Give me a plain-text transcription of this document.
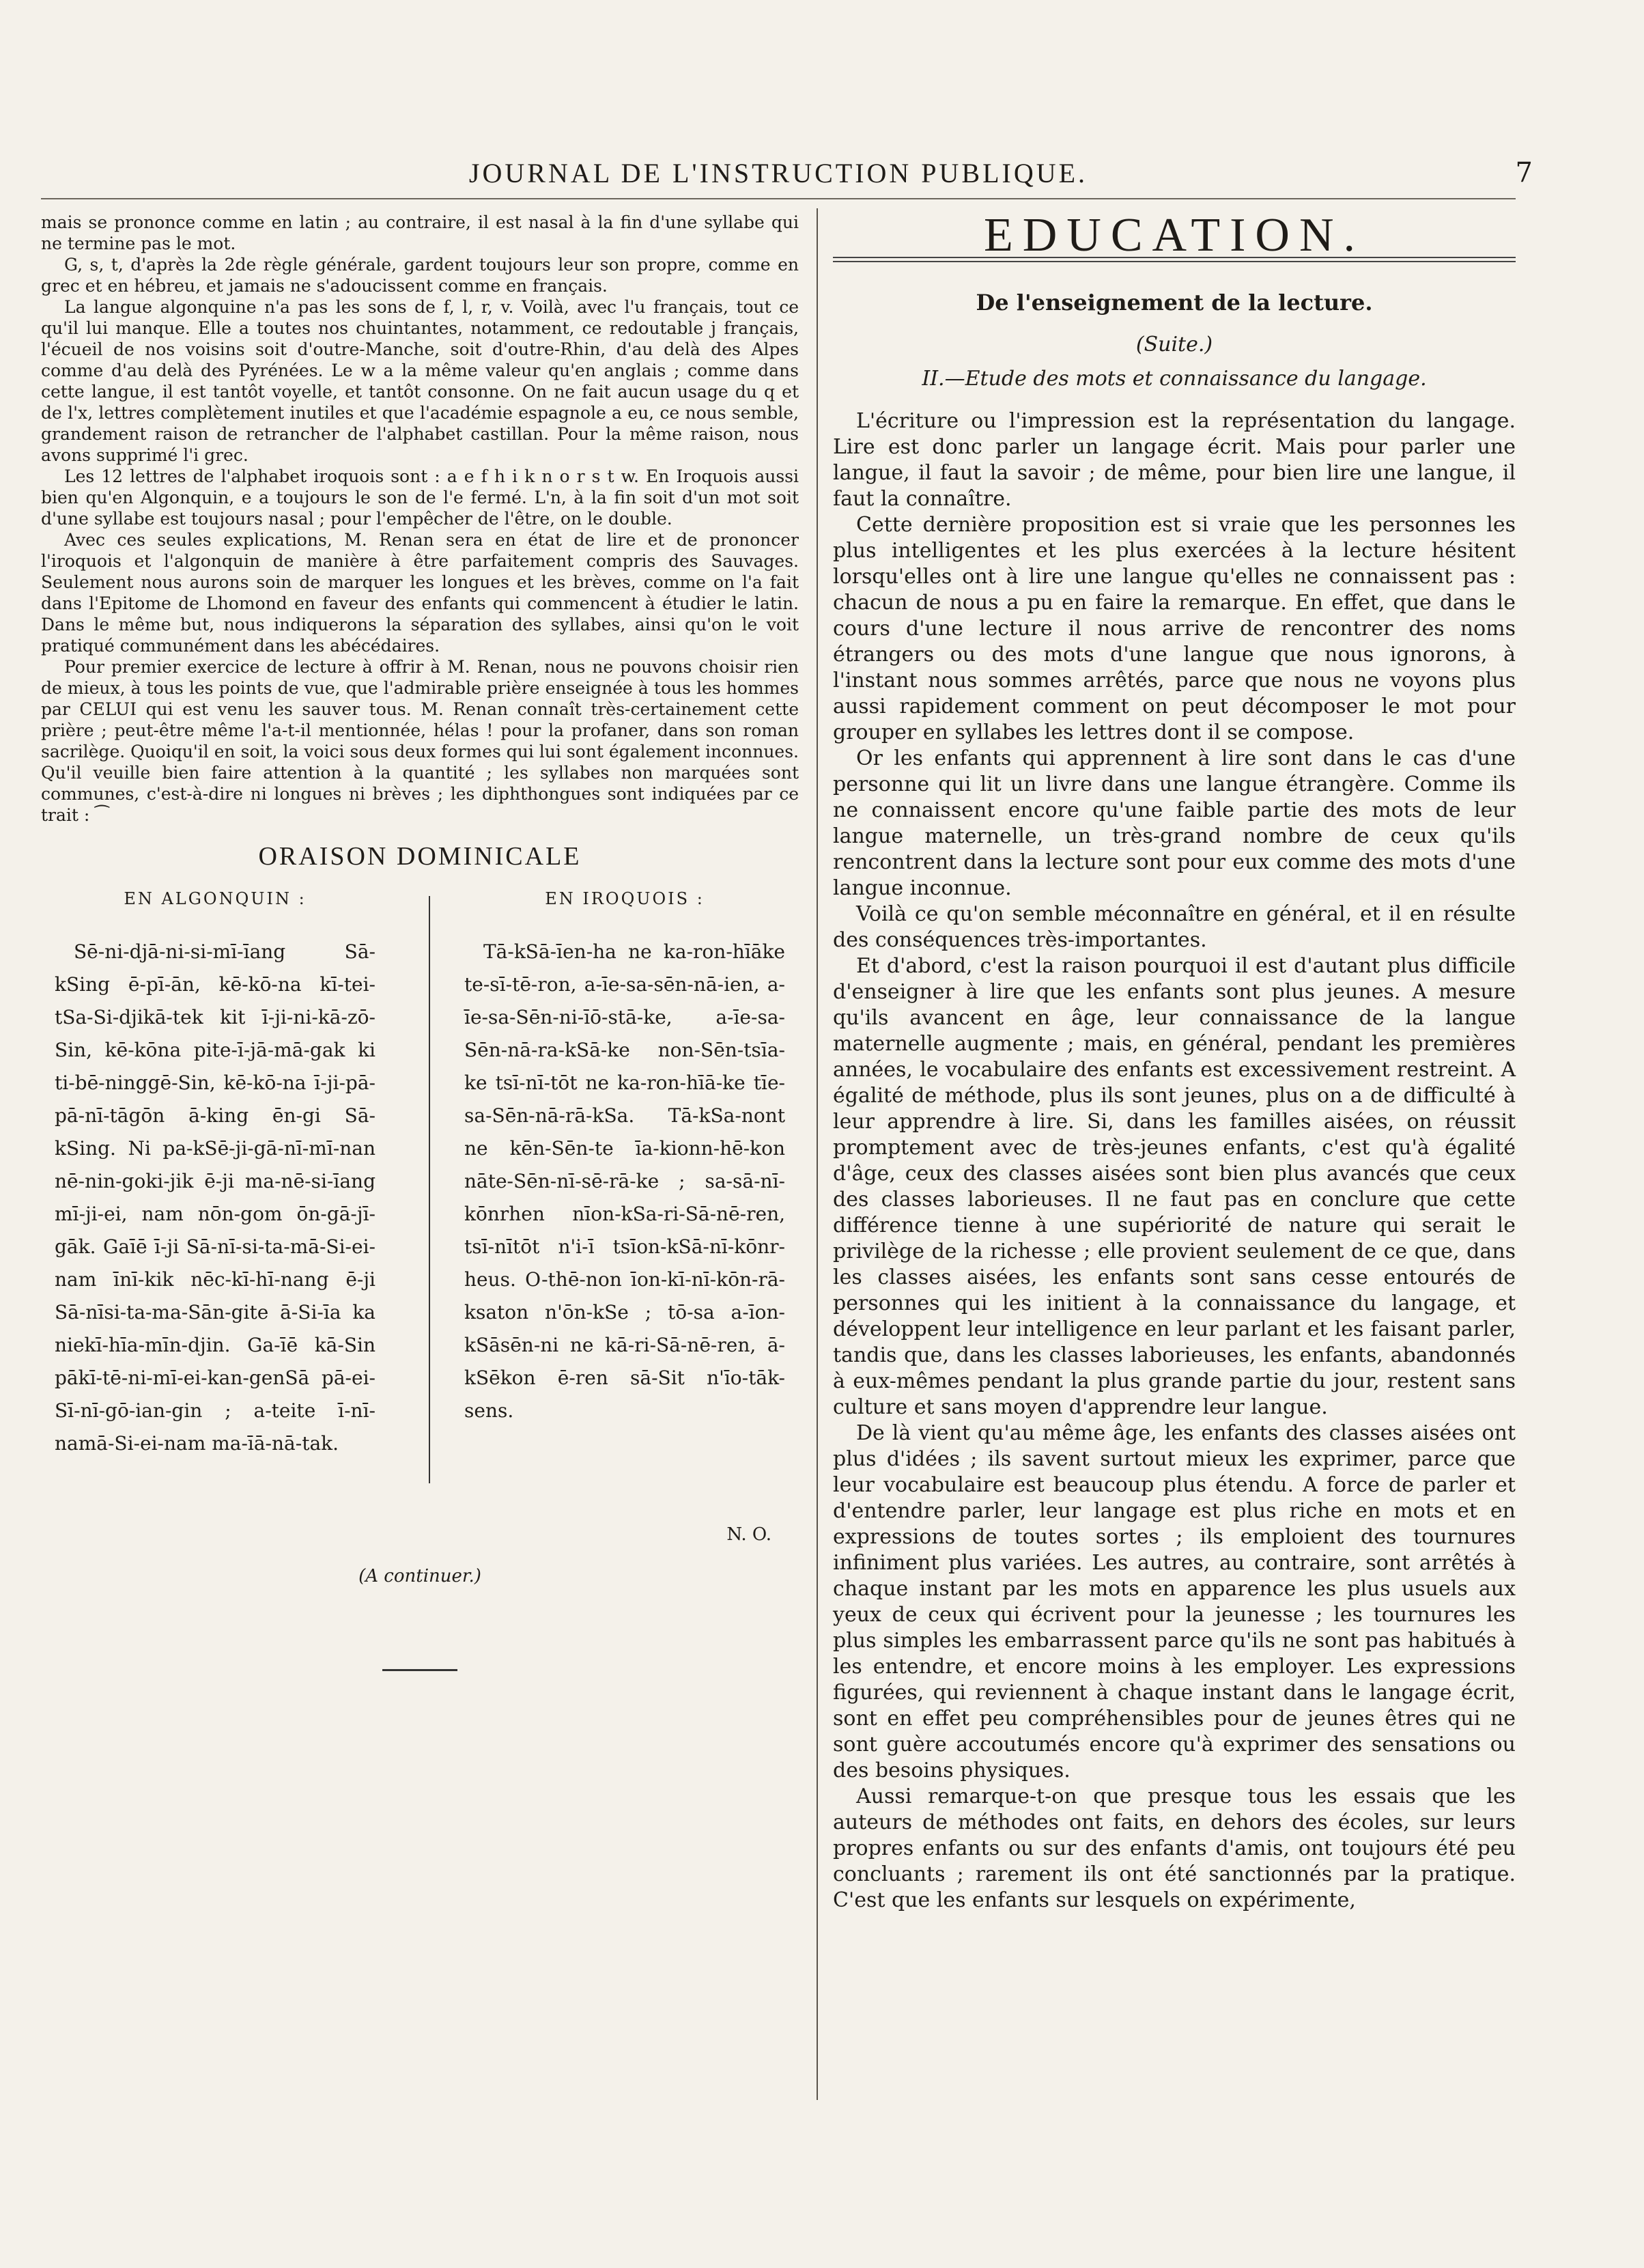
JOURNAL DE L'INSTRUCTION PUBLIQUE.	7

mais se prononce comme en latin ; au contraire, il est nasal à la fin d'une syllabe qui ne termine pas le mot.

G, s, t, d'après la 2de règle générale, gardent toujours leur son propre, comme en grec et en hébreu, et jamais ne s'adoucissent comme en français.

La langue algonquine n'a pas les sons de f, l, r, v. Voilà, avec l'u français, tout ce qu'il lui manque. Elle a toutes nos chuintantes, notamment, ce redoutable j français, l'écueil de nos voisins soit d'outre-Manche, soit d'outre-Rhin, d'au delà des Alpes comme d'au delà des Pyrénées. Le w a la même valeur qu'en anglais ; comme dans cette langue, il est tantôt voyelle, et tantôt consonne. On ne fait aucun usage du q et de l'x, lettres complètement inutiles et que l'académie espagnole a eu, ce nous semble, grandement raison de retrancher de l'alphabet castillan. Pour la même raison, nous avons supprimé l'i grec.

Les 12 lettres de l'alphabet iroquois sont : a e f h i k n o r s t w. En Iroquois aussi bien qu'en Algonquin, e a toujours le son de l'e fermé. L'n, à la fin soit d'un mot soit d'une syllabe est toujours nasal ; pour l'empêcher de l'être, on le double.

Avec ces seules explications, M. Renan sera en état de lire et de prononcer l'iroquois et l'algonquin de manière à être parfaitement compris des Sauvages. Seulement nous aurons soin de marquer les longues et les brèves, comme on l'a fait dans l'Epitome de Lhomond en faveur des enfants qui commencent à étudier le latin. Dans le même but, nous indiquerons la séparation des syllabes, ainsi qu'on le voit pratiqué communément dans les abécédaires.

Pour premier exercice de lecture à offrir à M. Renan, nous ne pouvons choisir rien de mieux, à tous les points de vue, que l'admirable prière enseignée à tous les hommes par CELUI qui est venu les sauver tous. M. Renan connaît très-certainement cette prière ; peut-être même l'a-t-il mentionnée, hélas ! pour la profaner, dans son roman sacrilège. Quoiqu'il en soit, la voici sous deux formes qui lui sont également inconnues. Qu'il veuille bien faire attention à la quantité ; les syllabes non marquées sont communes, c'est-à-dire ni longues ni brèves ; les diphthongues sont indiquées par ce trait : ⁀

ORAISON DOMINICALE
EN ALGONQUIN :
Sē-ni-djā-ni-si-mī-īang Sā-kSing ē-pī-ān, kē-kō-na kī-tei-tSa-Si-djikā-tek kit ī-ji-ni-kā-zō-Sin, kē-kōna pite-ī-jā-mā-gak ki ti-bē-ninggē-Sin, kē-kō-na ī-ji-pā-pā-nī-tāgōn ā-king ēn-gi Sā-kSing. Ni pa-kSē-ji-gā-nī-mī-nan nē-nin-goki-jik ē-ji ma-nē-si-īang mī-ji-ei, nam nōn-gom ōn-gā-jī-gāk. Gaīē ī-ji Sā-nī-si-ta-mā-Si-ei-nam īnī-kik nēc-kī-hī-nang ē-ji Sā-nīsi-ta-ma-Sān-gite ā-Si-īa ka niekī-hīa-mīn-djin. Ga-īē kā-Sin pākī-tē-ni-mī-ei-kan-genSā pā-ei-Sī-nī-gō-ian-gin ; a-teite ī-nī-namā-Si-ei-nam ma-īā-nā-tak.
EN IROQUOIS :
Tā-kSā-īen-ha ne ka-ron-hīāke te-sī-tē-ron, a-īe-sa-sēn-nā-ien, a-īe-sa-Sēn-ni-īō-stā-ke, a-īe-sa-Sēn-nā-ra-kSā-ke non-Sēn-tsīa-ke tsī-nī-tōt ne ka-ron-hīā-ke tīe-sa-Sēn-nā-rā-kSa. Tā-kSa-nont ne kēn-Sēn-te īa-kionn-hē-kon nāte-Sēn-nī-sē-rā-ke ; sa-sā-nī-kōnrhen nīon-kSa-ri-Sā-nē-ren, tsī-nītōt n'i-ī tsīon-kSā-nī-kōnr-heus. O-thē-non īon-kī-nī-kōn-rā-ksaton n'ōn-kSe ; tō-sa a-īon-kSāsēn-ni ne kā-ri-Sā-nē-ren, ā-kSēkon ē-ren sā-Sit n'īo-tāk-sens.
N. O.
(A continuer.)
EDUCATION.
De l'enseignement de la lecture.
(Suite.)
II.—Etude des mots et connaissance du langage.

L'écriture ou l'impression est la représentation du langage. Lire est donc parler un langage écrit. Mais pour parler une langue, il faut la savoir ; de même, pour bien lire une langue, il faut la connaître.

Cette dernière proposition est si vraie que les personnes les plus intelligentes et les plus exercées à la lecture hésitent lorsqu'elles ont à lire une langue qu'elles ne connaissent pas : chacun de nous a pu en faire la remarque. En effet, que dans le cours d'une lecture il nous arrive de rencontrer des noms étrangers ou des mots d'une langue que nous ignorons, à l'instant nous sommes arrêtés, parce que nous ne voyons plus aussi rapidement comment on peut décomposer le mot pour grouper en syllabes les lettres dont il se compose.

Or les enfants qui apprennent à lire sont dans le cas d'une personne qui lit un livre dans une langue étrangère. Comme ils ne connaissent encore qu'une faible partie des mots de leur langue maternelle, un très-grand nombre de ceux qu'ils rencontrent dans la lecture sont pour eux comme des mots d'une langue inconnue.

Voilà ce qu'on semble méconnaître en général, et il en résulte des conséquences très-importantes.

Et d'abord, c'est la raison pourquoi il est d'autant plus difficile d'enseigner à lire que les enfants sont plus jeunes. A mesure qu'ils avancent en âge, leur connaissance de la langue maternelle augmente ; mais, en général, pendant les premières années, le vocabulaire des enfants est excessivement restreint. A égalité de méthode, plus ils sont jeunes, plus on a de difficulté à leur apprendre à lire. Si, dans les familles aisées, on réussit promptement avec de très-jeunes enfants, c'est qu'à égalité d'âge, ceux des classes aisées sont bien plus avancés que ceux des classes laborieuses. Il ne faut pas en conclure que cette différence tienne à une supériorité de nature qui serait le privilège de la richesse ; elle provient seulement de ce que, dans les classes aisées, les enfants sont sans cesse entourés de personnes qui les initient à la connaissance du langage, et développent leur intelligence en leur parlant et les faisant parler, tandis que, dans les classes laborieuses, les enfants, abandonnés à eux-mêmes pendant la plus grande partie du jour, restent sans culture et sans moyen d'apprendre leur langue.

De là vient qu'au même âge, les enfants des classes aisées ont plus d'idées ; ils savent surtout mieux les exprimer, parce que leur vocabulaire est beaucoup plus étendu. A force de parler et d'entendre parler, leur langage est plus riche en mots et en expressions de toutes sortes ; ils emploient des tournures infiniment plus variées. Les autres, au contraire, sont arrêtés à chaque instant par les mots en apparence les plus usuels aux yeux de ceux qui écrivent pour la jeunesse ; les tournures les plus simples les embarrassent parce qu'ils ne sont pas habitués à les entendre, et encore moins à les employer. Les expressions figurées, qui reviennent à chaque instant dans le langage écrit, sont en effet peu compréhensibles pour de jeunes êtres qui ne sont guère accoutumés encore qu'à exprimer des sensations ou des besoins physiques.

Aussi remarque-t-on que presque tous les essais que les auteurs de méthodes ont faits, en dehors des écoles, sur leurs propres enfants ou sur des enfants d'amis, ont toujours été peu concluants ; rarement ils ont été sanctionnés par la pratique. C'est que les enfants sur lesquels on expérimente,
